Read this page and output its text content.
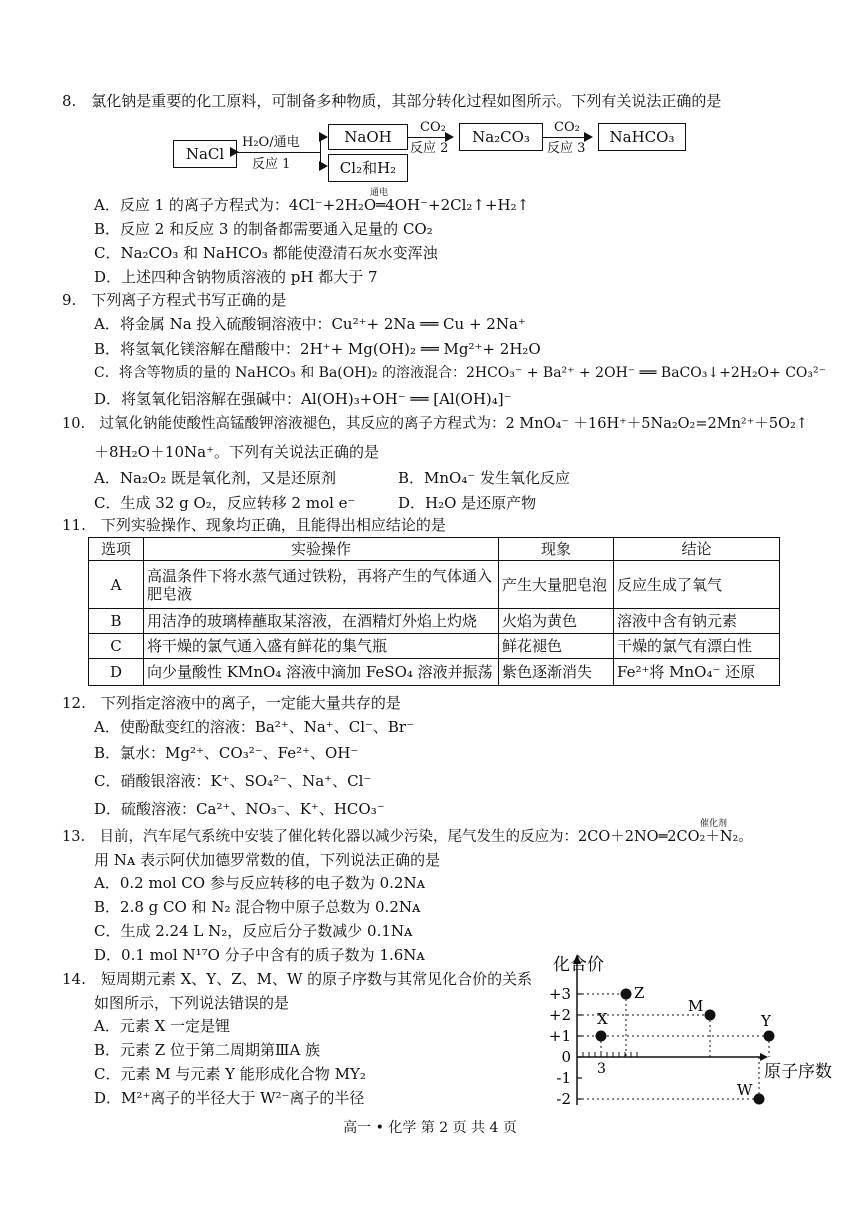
8.　氯化钠是重要的化工原料，可制备多种物质，其部分转化过程如图所示。下列有关说法正确的是
NaCl
H₂O/通电
反应 1
NaOH
Cl₂和H₂
CO₂
反应 2
Na₂CO₃
CO₂
反应 3
NaHCO₃
A．反应 1 的离子方程式为：4Cl⁻+2H₂O═4OH⁻+2Cl₂↑+H₂↑
通电
B．反应 2 和反应 3 的制备都需要通入足量的 CO₂
C．Na₂CO₃ 和 NaHCO₃ 都能使澄清石灰水变浑浊
D．上述四种含钠物质溶液的 pH 都大于 7
9.　下列离子方程式书写正确的是
A．将金属 Na 投入硫酸铜溶液中：Cu²⁺+ 2Na ══ Cu + 2Na⁺
B．将氢氧化镁溶解在醋酸中：2H⁺+ Mg(OH)₂ ══ Mg²⁺+ 2H₂O
C．将含等物质的量的 NaHCO₃ 和 Ba(OH)₂ 的溶液混合：2HCO₃⁻ + Ba²⁺ + 2OH⁻ ══ BaCO₃↓+2H₂O+ CO₃²⁻
D．将氢氧化铝溶解在强碱中：Al(OH)₃+OH⁻ ══ [Al(OH)₄]⁻
10.　过氧化钠能使酸性高锰酸钾溶液褪色，其反应的离子方程式为：2 MnO₄⁻ ＋16H⁺＋5Na₂O₂=2Mn²⁺＋5O₂↑
＋8H₂O＋10Na⁺。下列有关说法正确的是
A．Na₂O₂ 既是氧化剂，又是还原剂	B．MnO₄⁻ 发生氧化反应
C．生成 32 g O₂，反应转移 2 mol e⁻	D．H₂O 是还原产物
11.　下列实验操作、现象均正确，且能得出相应结论的是
选项	实验操作	现象	结论
A	高温条件下将水蒸气通过铁粉，再将产生的气体通入肥皂液	产生大量肥皂泡	反应生成了氧气
B	用洁净的玻璃棒蘸取某溶液，在酒精灯外焰上灼烧	火焰为黄色	溶液中含有钠元素
C	将干燥的氯气通入盛有鲜花的集气瓶	鲜花褪色	干燥的氯气有漂白性
D	向少量酸性 KMnO₄ 溶液中滴加 FeSO₄ 溶液并振荡	紫色逐渐消失	Fe²⁺将 MnO₄⁻ 还原
12.　下列指定溶液中的离子，一定能大量共存的是
A．使酚酞变红的溶液：Ba²⁺、Na⁺、Cl⁻、Br⁻
B．氯水：Mg²⁺、CO₃²⁻、Fe²⁺、OH⁻
C．硝酸银溶液：K⁺、SO₄²⁻、Na⁺、Cl⁻
D．硫酸溶液：Ca²⁺、NO₃⁻、K⁺、HCO₃⁻
13.　目前，汽车尾气系统中安装了催化转化器以减少污染，尾气发生的反应为：2CO＋2NO═2CO₂＋N₂。
催化剂
用 Nᴀ 表示阿伏加德罗常数的值，下列说法正确的是
A．0.2 mol CO 参与反应转移的电子数为 0.2Nᴀ
B．2.8 g CO 和 N₂ 混合物中原子总数为 0.2Nᴀ
C．生成 2.24 L N₂，反应后分子数减少 0.1Nᴀ
D．0.1 mol N¹⁷O 分子中含有的质子数为 1.6Nᴀ
14.　短周期元素 X、Y、Z、M、W 的原子序数与其常见化合价的关系
如图所示，下列说法错误的是
A．元素 X 一定是锂
B．元素 Z 位于第二周期第ⅢA 族
C．元素 M 与元素 Y 能形成化合物 MY₂
D．M²⁺离子的半径大于 W²⁻离子的半径
化合价
原子序数
+3
+2
+1
0
-1
-2
3
X
Z
M
Y
W
高一 • 化学 第 2 页 共 4 页
